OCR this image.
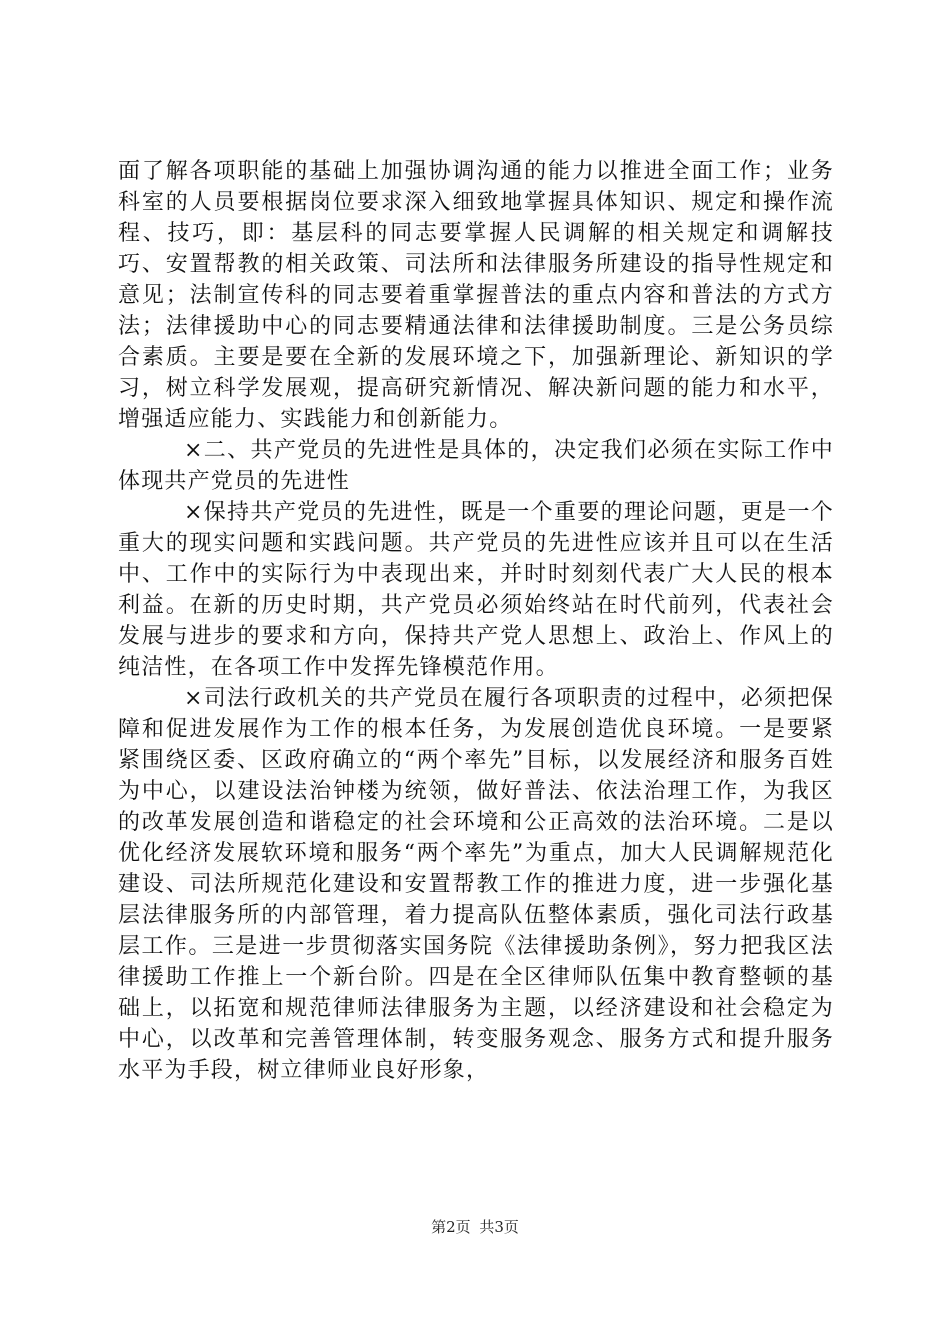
面了解各项职能的基础上加强协调沟通的能力以推进全面工作；业务科室的人员要根据岗位要求深入细致地掌握具体知识、规定和操作流程、技巧，即：基层科的同志要掌握人民调解的相关规定和调解技巧、安置帮教的相关政策、司法所和法律服务所建设的指导性规定和意见；法制宣传科的同志要着重掌握普法的重点内容和普法的方式方法；法律援助中心的同志要精通法律和法律援助制度。三是公务员综合素质。主要是要在全新的发展环境之下，加强新理论、新知识的学习，树立科学发展观，提高研究新情况、解决新问题的能力和水平，增强适应能力、实践能力和创新能力。

×二、共产党员的先进性是具体的，决定我们必须在实际工作中体现共产党员的先进性

×保持共产党员的先进性，既是一个重要的理论问题，更是一个重大的现实问题和实践问题。共产党员的先进性应该并且可以在生活中、工作中的实际行为中表现出来，并时时刻刻代表广大人民的根本利益。在新的历史时期，共产党员必须始终站在时代前列，代表社会发展与进步的要求和方向，保持共产党人思想上、政治上、作风上的纯洁性，在各项工作中发挥先锋模范作用。

×司法行政机关的共产党员在履行各项职责的过程中，必须把保障和促进发展作为工作的根本任务，为发展创造优良环境。一是要紧紧围绕区委、区政府确立的“两个率先”目标，以发展经济和服务百姓为中心，以建设法治钟楼为统领，做好普法、依法治理工作，为我区的改革发展创造和谐稳定的社会环境和公正高效的法治环境。二是以优化经济发展软环境和服务“两个率先”为重点，加大人民调解规范化建设、司法所规范化建设和安置帮教工作的推进力度，进一步强化基层法律服务所的内部管理，着力提高队伍整体素质，强化司法行政基层工作。三是进一步贯彻落实国务院《法律援助条例》，努力把我区法律援助工作推上一个新台阶。四是在全区律师队伍集中教育整顿的基础上，以拓宽和规范律师法律服务为主题，以经济建设和社会稳定为中心，以改革和完善管理体制，转变服务观念、服务方式和提升服务水平为手段，树立律师业良好形象，

第2页 共3页
